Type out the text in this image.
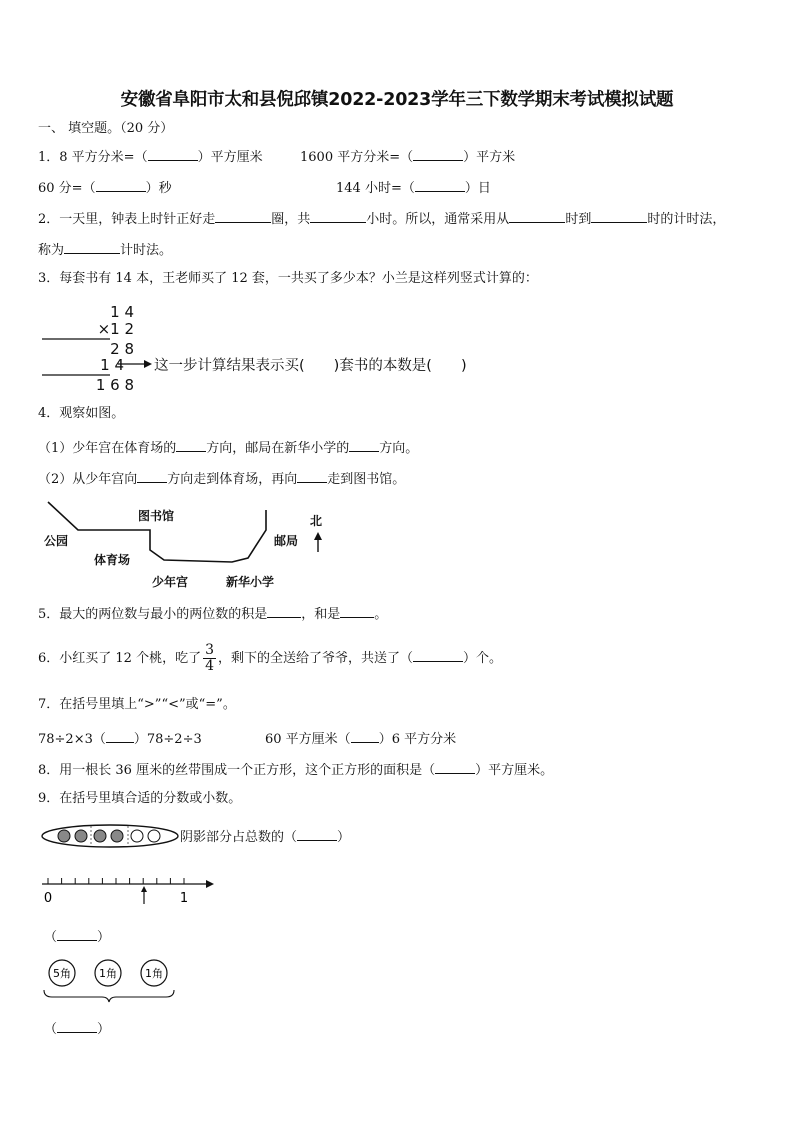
安徽省阜阳市太和县倪邱镇2022-2023学年三下数学期末考试模拟试题
一、 填空题。（20 分）
1．8 平方分米=（	）平方厘米	1600 平方分米=（	）平方米
60 分=（	）秒	144 小时=（	）日
2．一天里，钟表上时针正好走	圈，共	小时。所以，通常采用从	时到	时的计时法，
称为	计时法。
3．每套书有 14 本，王老师买了 12 套，一共买了多少本？小兰是这样列竖式计算的：
1 4
×1 2
2 8
1 4
1 6 8
这一步计算结果表示买(　　)套书的本数是(　　)
4．观察如图。
（1）少年宫在体育场的 方向，邮局在新华小学的 方向。
（2）从少年宫向 方向走到体育场，再向 走到图书馆。
公园
图书馆
体育场
少年宫	新华小学
邮局
北
5．最大的两位数与最小的两位数的积是	，和是	。
6．小红买了 12 个桃，吃了 $\frac{3}{4}$ ，剩下的全送给了爷爷，共送了（	）个。
7．在括号里填上“>”“<”或“=”。
78÷2×3（ ）78÷2÷3	60 平方厘米（ ）6 平方分米
8．用一根长 36 厘米的丝带围成一个正方形，这个正方形的面积是（	）平方厘米。
9．在括号里填合适的分数或小数。
阴影部分占总数的（	）
0	1
（	）
5角	1角	1角
（	）
